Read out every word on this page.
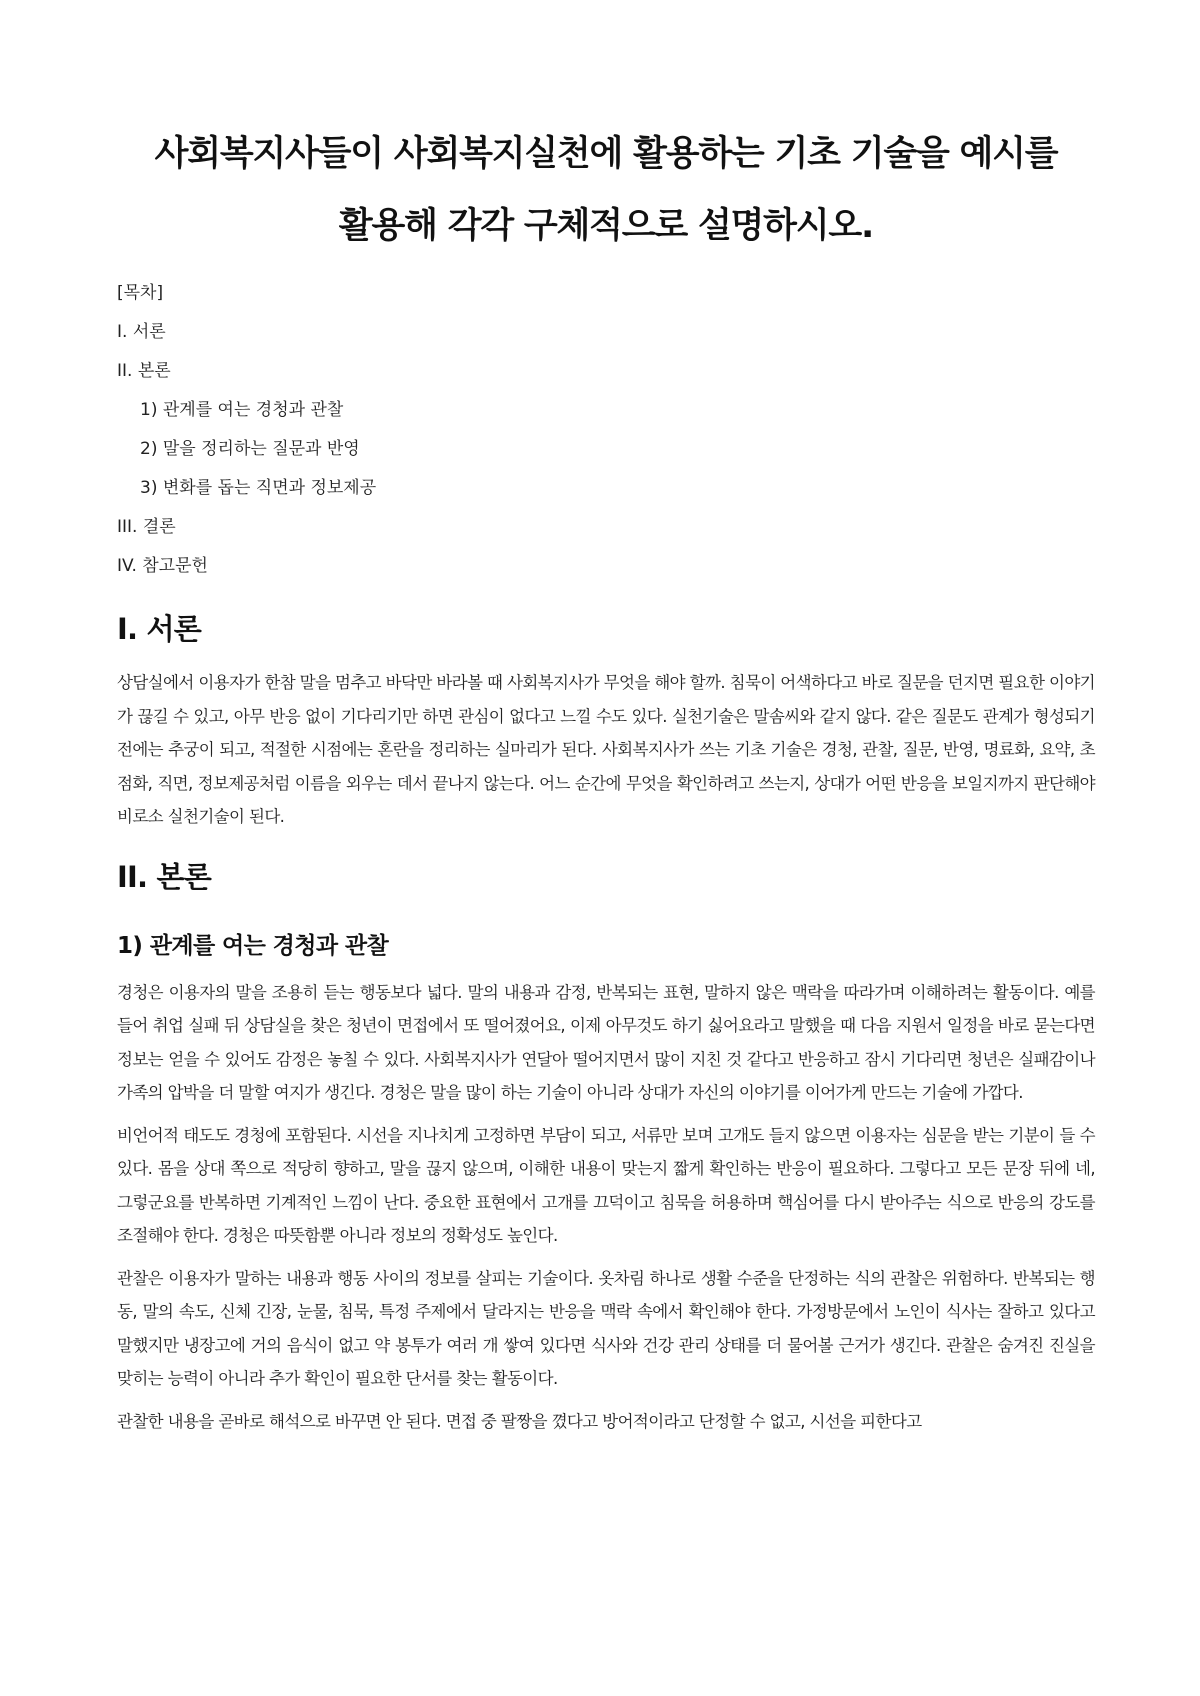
사회복지사들이 사회복지실천에 활용하는 기초 기술을 예시를
활용해 각각 구체적으로 설명하시오.
[목차]
I. 서론
II. 본론
1) 관계를 여는 경청과 관찰
2) 말을 정리하는 질문과 반영
3) 변화를 돕는 직면과 정보제공
III. 결론
IV. 참고문헌
I. 서론

상담실에서 이용자가 한참 말을 멈추고 바닥만 바라볼 때 사회복지사가 무엇을 해야 할까. 침묵이 어색하다고 바로 질문을 던지면 필요한 이야기가 끊길 수 있고, 아무 반응 없이 기다리기만 하면 관심이 없다고 느낄 수도 있다. 실천기술은 말솜씨와 같지 않다. 같은 질문도 관계가 형성되기 전에는 추궁이 되고, 적절한 시점에는 혼란을 정리하는 실마리가 된다. 사회복지사가 쓰는 기초 기술은 경청, 관찰, 질문, 반영, 명료화, 요약, 초점화, 직면, 정보제공처럼 이름을 외우는 데서 끝나지 않는다. 어느 순간에 무엇을 확인하려고 쓰는지, 상대가 어떤 반응을 보일지까지 판단해야 비로소 실천기술이 된다.

II. 본론
1) 관계를 여는 경청과 관찰

경청은 이용자의 말을 조용히 듣는 행동보다 넓다. 말의 내용과 감정, 반복되는 표현, 말하지 않은 맥락을 따라가며 이해하려는 활동이다. 예를 들어 취업 실패 뒤 상담실을 찾은 청년이 면접에서 또 떨어졌어요, 이제 아무것도 하기 싫어요라고 말했을 때 다음 지원서 일정을 바로 묻는다면 정보는 얻을 수 있어도 감정은 놓칠 수 있다. 사회복지사가 연달아 떨어지면서 많이 지친 것 같다고 반응하고 잠시 기다리면 청년은 실패감이나 가족의 압박을 더 말할 여지가 생긴다. 경청은 말을 많이 하는 기술이 아니라 상대가 자신의 이야기를 이어가게 만드는 기술에 가깝다.

비언어적 태도도 경청에 포함된다. 시선을 지나치게 고정하면 부담이 되고, 서류만 보며 고개도 들지 않으면 이용자는 심문을 받는 기분이 들 수 있다. 몸을 상대 쪽으로 적당히 향하고, 말을 끊지 않으며, 이해한 내용이 맞는지 짧게 확인하는 반응이 필요하다. 그렇다고 모든 문장 뒤에 네, 그렇군요를 반복하면 기계적인 느낌이 난다. 중요한 표현에서 고개를 끄덕이고 침묵을 허용하며 핵심어를 다시 받아주는 식으로 반응의 강도를 조절해야 한다. 경청은 따뜻함뿐 아니라 정보의 정확성도 높인다.

관찰은 이용자가 말하는 내용과 행동 사이의 정보를 살피는 기술이다. 옷차림 하나로 생활 수준을 단정하는 식의 관찰은 위험하다. 반복되는 행동, 말의 속도, 신체 긴장, 눈물, 침묵, 특정 주제에서 달라지는 반응을 맥락 속에서 확인해야 한다. 가정방문에서 노인이 식사는 잘하고 있다고 말했지만 냉장고에 거의 음식이 없고 약 봉투가 여러 개 쌓여 있다면 식사와 건강 관리 상태를 더 물어볼 근거가 생긴다. 관찰은 숨겨진 진실을 맞히는 능력이 아니라 추가 확인이 필요한 단서를 찾는 활동이다.

관찰한 내용을 곧바로 해석으로 바꾸면 안 된다. 면접 중 팔짱을 꼈다고 방어적이라고 단정할 수 없고, 시선을 피한다고
